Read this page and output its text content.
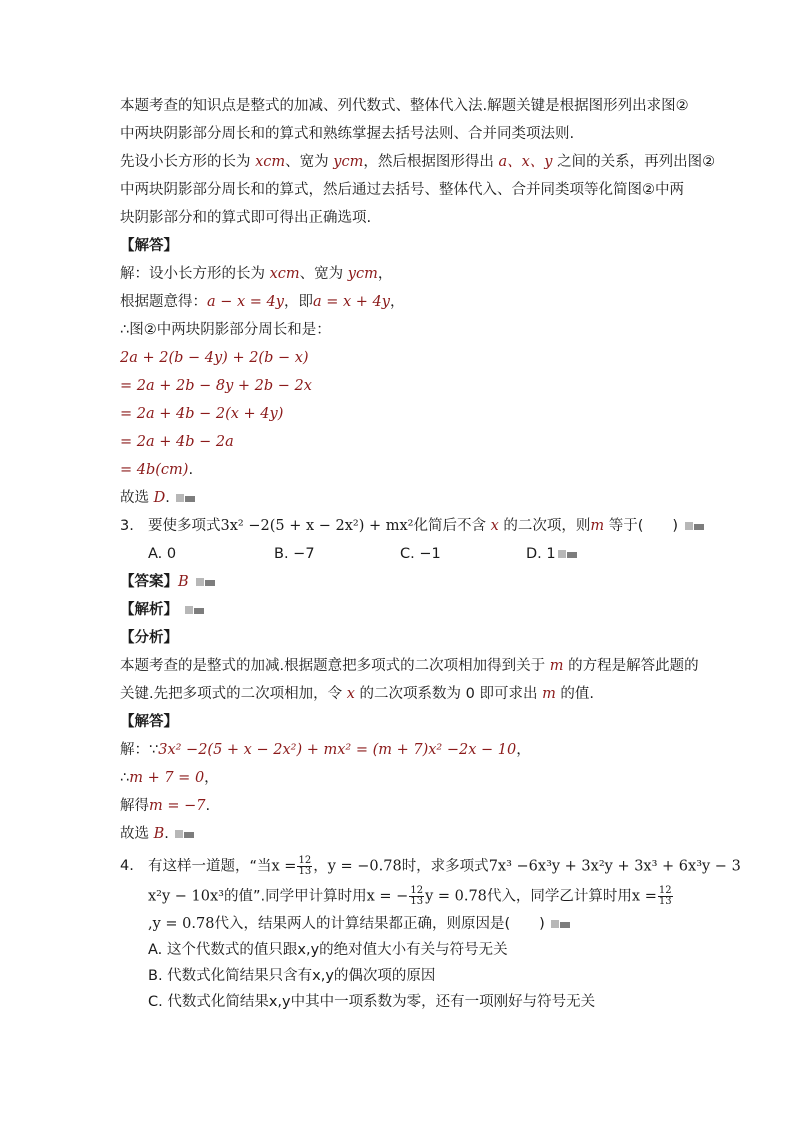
本题考查的知识点是整式的加减、列代数式、整体代入法.解题关键是根据图形列出求图②
中两块阴影部分周长和的算式和熟练掌握去括号法则、合并同类项法则.
先设小长方形的长为 xcm、宽为 ycm，然后根据图形得出 a、x、y 之间的关系，再列出图②
中两块阴影部分周长和的算式，然后通过去括号、整体代入、合并同类项等化简图②中两
块阴影部分和的算式即可得出正确选项.
【解答】
解：设小长方形的长为 xcm、宽为 ycm，
根据题意得：a − x = 4y，即a = x + 4y，
∴图②中两块阴影部分周长和是：
2a + 2(b − 4y) + 2(b − x)
= 2a + 2b − 8y + 2b − 2x
= 2a + 4b − 2(x + 4y)
= 2a + 4b − 2a
= 4b(cm).
故选 D.
3. 要使多项式3x² −2(5 + x − 2x²) + mx²化简后不含 x 的二次项，则m 等于(　　)
A. 0	B. −7	C. −1	D. 1
【答案】B
【解析】
【分析】
本题考查的是整式的加减.根据题意把多项式的二次项相加得到关于 m 的方程是解答此题的
关键.先把多项式的二次项相加，令 x 的二次项系数为 0 即可求出 m 的值.
【解答】
解：∵3x² −2(5 + x − 2x²) + mx² = (m + 7)x² −2x − 10，
∴m + 7 = 0，
解得m = −7.
故选 B.
4. 有这样一道题，“当$x = \frac{12}{13}$ ，y = −0.78时，求多项式7x³ −6x³y + 3x²y + 3x³ + 6x³y − 3
x²y − 10x³的值”.同学甲计算时用x = − $\frac{12}{13}$ y = 0.78代入，同学乙计算时用$x = \frac{12}{13}$
,y = 0.78代入，结果两人的计算结果都正确，则原因是(　　)
A. 这个代数式的值只跟x,y的绝对值大小有关与符号无关
B. 代数式化简结果只含有x,y的偶次项的原因
C. 代数式化简结果x,y中其中一项系数为零，还有一项刚好与符号无关
